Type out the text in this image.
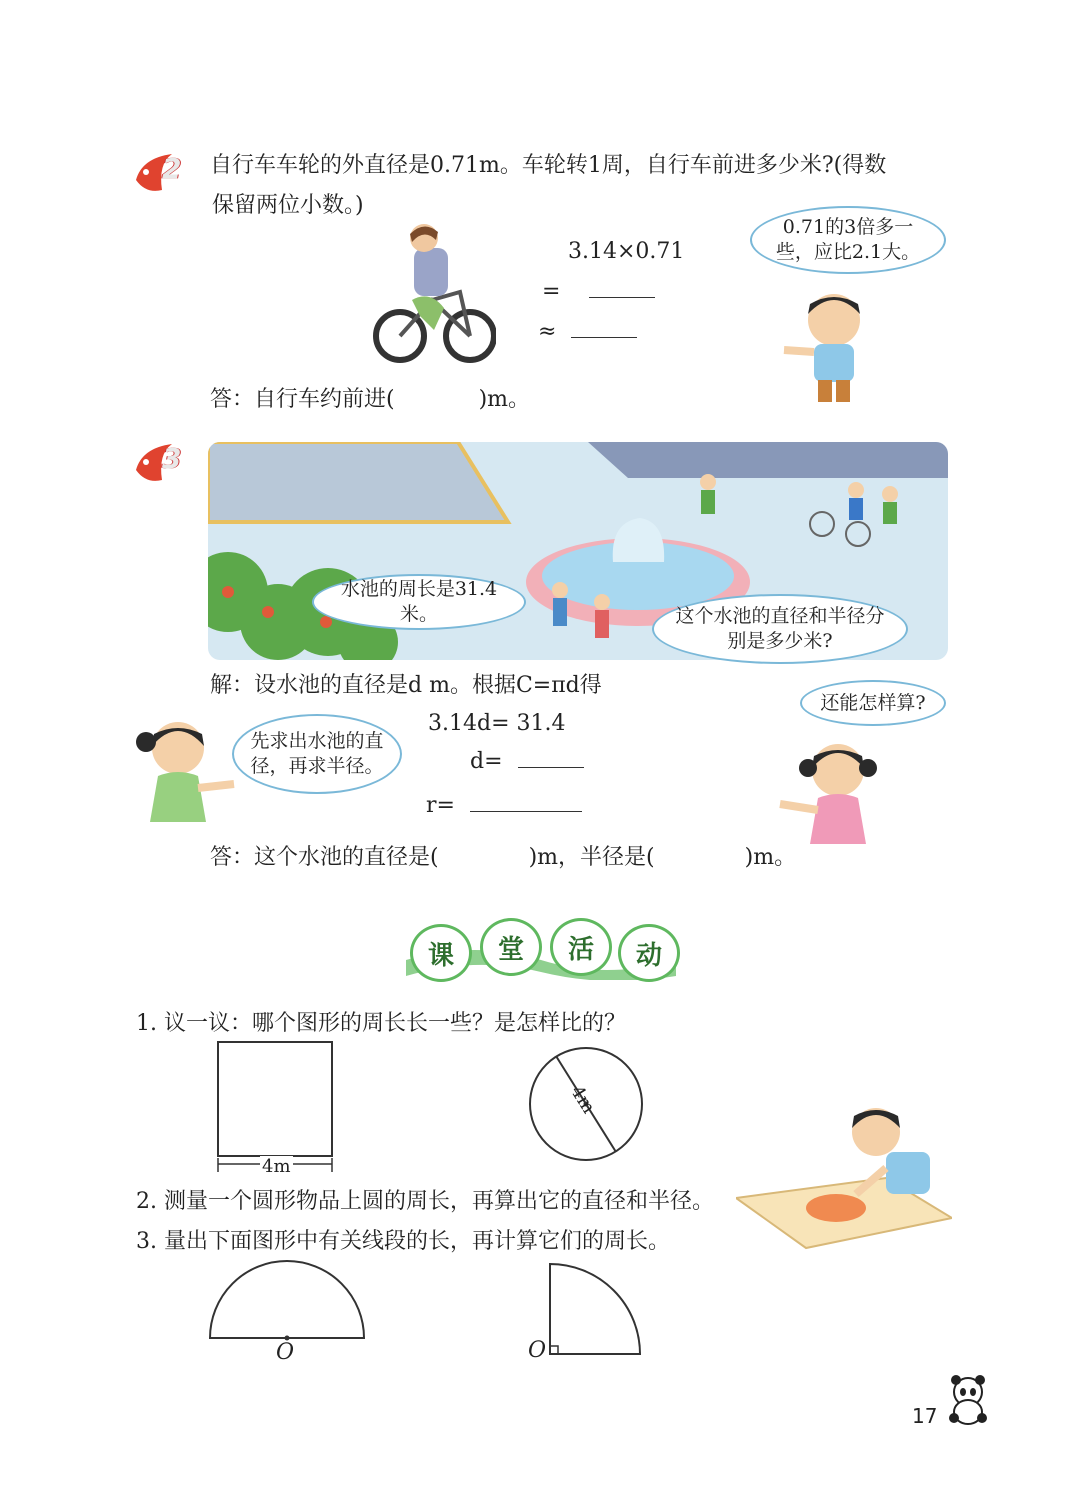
2 自行车车轮的外直径是0.71m。车轮转1周，自行车前进多少米?(得数
保留两位小数。)
3.14×0.71
=
≈
0.71的3倍多一些，应比2.1大。
答：自行车约前进(	)m。
3
水池的周长是31.4米。	这个水池的直径和半径分别是多少米?
解：设水池的直径是d m。根据C=πd得
3.14d= 31.4
d=
r=
先求出水池的直径，再求半径。
还能怎样算?
答：这个水池的直径是(	)m，半径是(	)m。
课	堂	活	动
1. 议一议：哪个图形的周长长一些？是怎样比的？
4m
4m
2. 测量一个圆形物品上圆的周长，再算出它的直径和半径。
3. 量出下面图形中有关线段的长，再计算它们的周长。
O	O
17
